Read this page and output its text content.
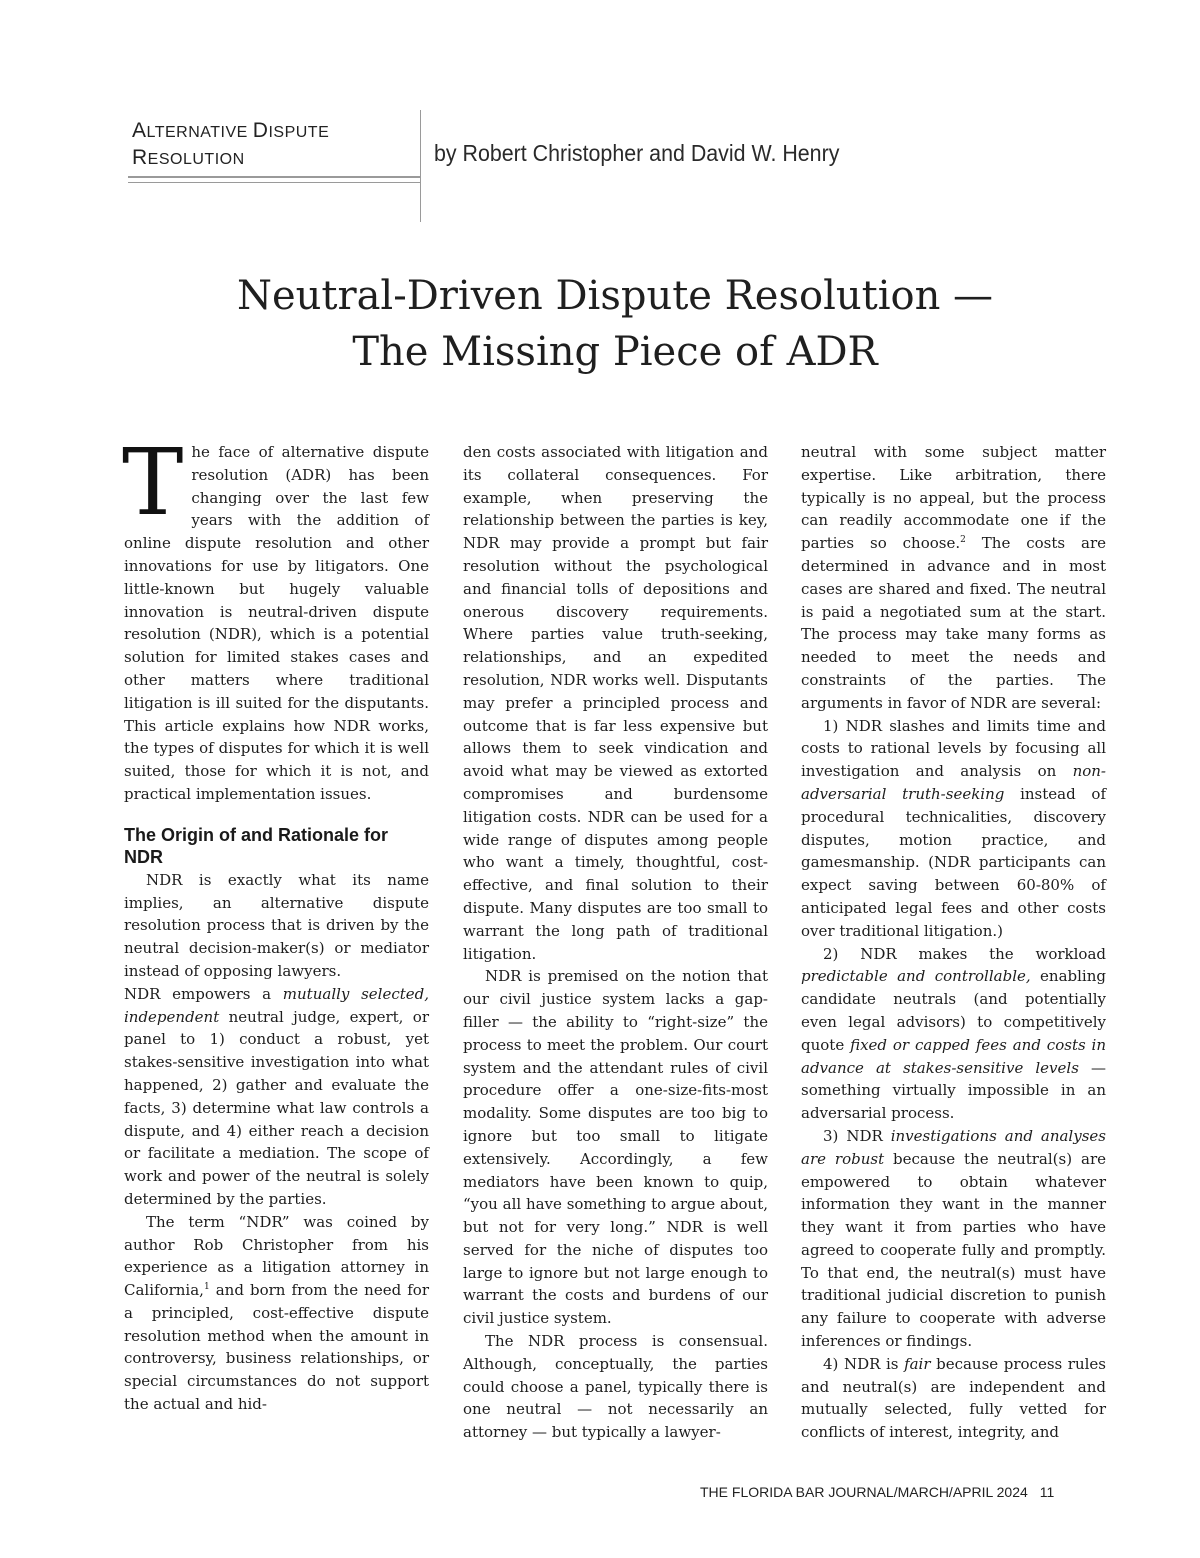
ALTERNATIVE DISPUTE
RESOLUTION	by Robert Christopher and David W. Henry

Neutral-Driven Dispute Resolution —
The Missing Piece of ADR

The face of alternative dispute resolution (ADR) has been changing over the last few years with the addition of online dispute resolution and other innovations for use by litigators. One little-known but hugely valuable innovation is neutral-driven dispute resolution (NDR), which is a potential solution for limited stakes cases and other matters where traditional litigation is ill suited for the disputants. This article explains how NDR works, the types of disputes for which it is well suited, those for which it is not, and practical implementation issues.

The Origin of and Rationale for NDR

NDR is exactly what its name implies, an alternative dispute resolution process that is driven by the neutral decision-maker(s) or mediator instead of opposing lawyers.

NDR empowers a mutually selected, independent neutral judge, expert, or panel to 1) conduct a robust, yet stakes-sensitive investigation into what happened, 2) gather and evaluate the facts, 3) determine what law controls a dispute, and 4) either reach a decision or facilitate a mediation. The scope of work and power of the neutral is solely determined by the parties.

The term “NDR” was coined by author Rob Christopher from his experience as a litigation attorney in California,$^1$ and born from the need for a principled, cost-effective dispute resolution method when the amount in controversy, business relationships, or special circumstances do not support the actual and hid-

den costs associated with litigation and its collateral consequences. For example, when preserving the relationship between the parties is key, NDR may provide a prompt but fair resolution without the psychological and financial tolls of depositions and onerous discovery requirements. Where parties value truth-seeking, relationships, and an expedited resolution, NDR works well. Disputants may prefer a principled process and outcome that is far less expensive but allows them to seek vindication and avoid what may be viewed as extorted compromises and burdensome litigation costs. NDR can be used for a wide range of disputes among people who want a timely, thoughtful, cost-effective, and final solution to their dispute. Many disputes are too small to warrant the long path of traditional litigation.

NDR is premised on the notion that our civil justice system lacks a gap-filler — the ability to “right-size” the process to meet the problem. Our court system and the attendant rules of civil procedure offer a one-size-fits-most modality. Some disputes are too big to ignore but too small to litigate extensively. Accordingly, a few mediators have been known to quip, “you all have something to argue about, but not for very long.” NDR is well served for the niche of disputes too large to ignore but not large enough to warrant the costs and burdens of our civil justice system.

The NDR process is consensual. Although, conceptually, the parties could choose a panel, typically there is one neutral — not necessarily an attorney — but typically a lawyer-

neutral with some subject matter expertise. Like arbitration, there typically is no appeal, but the process can readily accommodate one if the parties so choose.$^2$ The costs are determined in advance and in most cases are shared and fixed. The neutral is paid a negotiated sum at the start. The process may take many forms as needed to meet the needs and constraints of the parties. The arguments in favor of NDR are several:

1) NDR slashes and limits time and costs to rational levels by focusing all investigation and analysis on non-adversarial truth-seeking instead of procedural technicalities, discovery disputes, motion practice, and gamesmanship. (NDR participants can expect saving between 60-80% of anticipated legal fees and other costs over traditional litigation.)

2) NDR makes the workload predictable and controllable, enabling candidate neutrals (and potentially even legal advisors) to competitively quote fixed or capped fees and costs in advance at stakes-sensitive levels — something virtually impossible in an adversarial process.

3) NDR investigations and analyses are robust because the neutral(s) are empowered to obtain whatever information they want in the manner they want it from parties who have agreed to cooperate fully and promptly. To that end, the neutral(s) must have traditional judicial discretion to punish any failure to cooperate with adverse inferences or findings.

4) NDR is fair because process rules and neutral(s) are independent and mutually selected, fully vetted for conflicts of interest, integrity, and

THE FLORIDA BAR JOURNAL/MARCH/APRIL 2024 11
